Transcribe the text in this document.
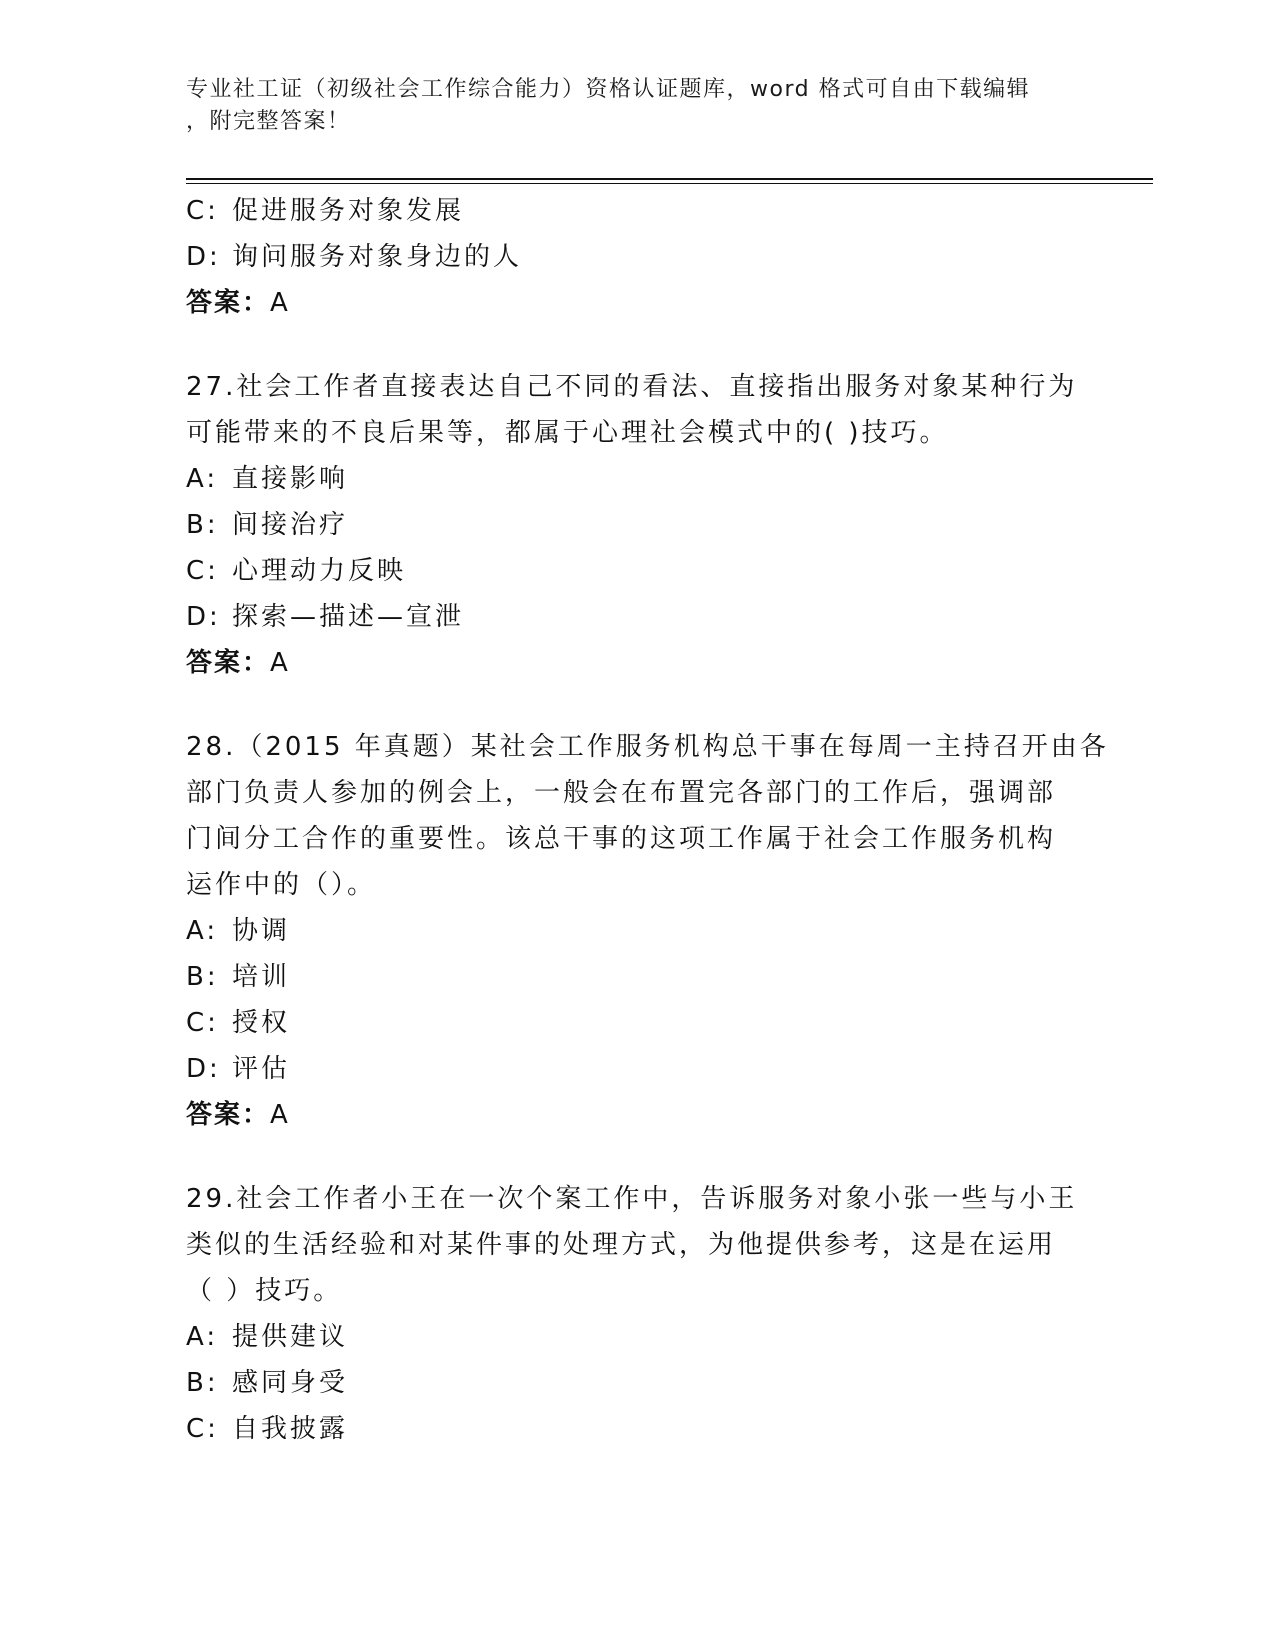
专业社工证（初级社会工作综合能力）资格认证题库，word 格式可自由下载编辑
，附完整答案！
C: 促进服务对象发展
D: 询问服务对象身边的人
答案：A
27.社会工作者直接表达自己不同的看法、直接指出服务对象某种行为
可能带来的不良后果等，都属于心理社会模式中的( )技巧。
A: 直接影响
B: 间接治疗
C: 心理动力反映
D: 探索—描述—宣泄
答案：A
28.（2015 年真题）某社会工作服务机构总干事在每周一主持召开由各
部门负责人参加的例会上，一般会在布置完各部门的工作后，强调部
门间分工合作的重要性。该总干事的这项工作属于社会工作服务机构
运作中的（）。
A: 协调
B: 培训
C: 授权
D: 评估
答案：A
29.社会工作者小王在一次个案工作中，告诉服务对象小张一些与小王
类似的生活经验和对某件事的处理方式，为他提供参考，这是在运用
（ ）技巧。
A: 提供建议
B: 感同身受
C: 自我披露
